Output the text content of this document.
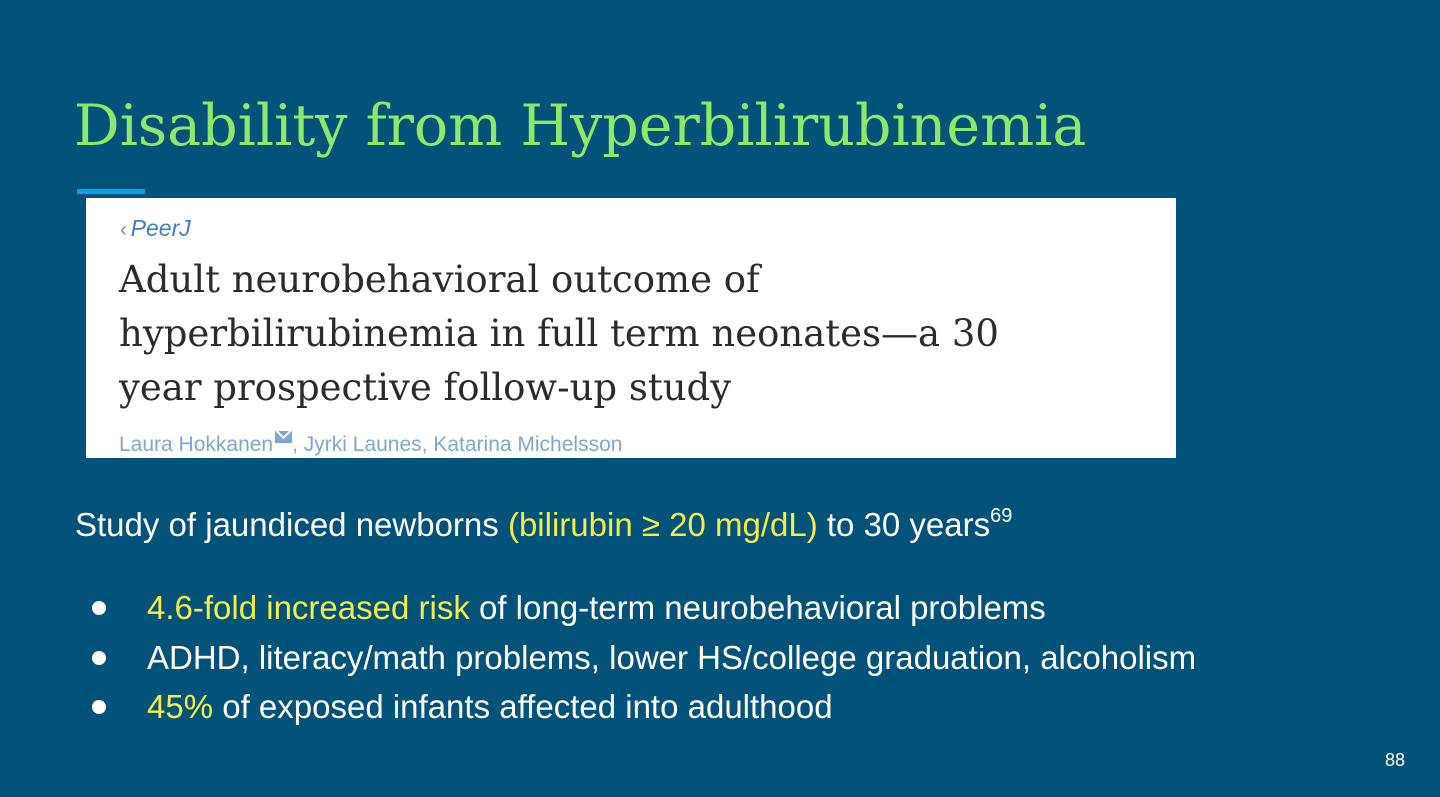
Disability from Hyperbilirubinemia
‹ PeerJ
Adult neurobehavioral outcome of
hyperbilirubinemia in full term neonates—a 30
year prospective follow-up study
Laura Hokkanen , Jyrki Launes, Katarina Michelsson
Study of jaundiced newborns (bilirubin ≥ 20 mg/dL) to 30 years$^{69}$
4.6-fold increased risk of long-term neurobehavioral problems
ADHD, literacy/math problems, lower HS/college graduation, alcoholism
45% of exposed infants affected into adulthood
88
